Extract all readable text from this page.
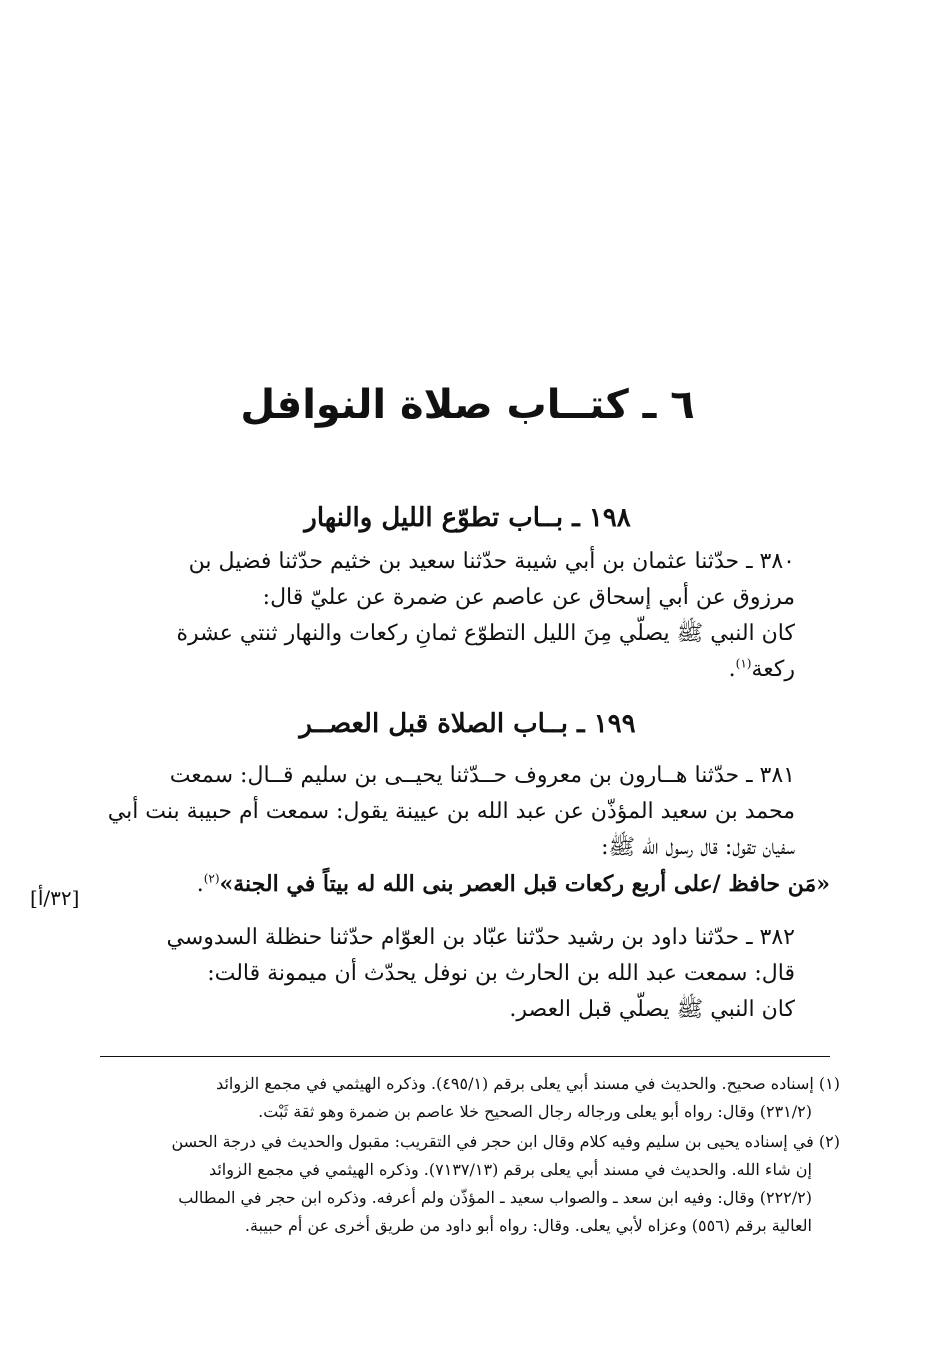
٦ ـ كتــاب صلاة النوافل
١٩٨ ـ بــاب تطوّع الليل والنهار
٣٨٠ ـ حدّثنا عثمان بن أبي شيبة حدّثنا سعيد بن خثيم حدّثنا فضيل بن
مرزوق عن أبي إسحاق عن عاصم عن ضمرة عن عليّ قال:
كان النبي ﷺ يصلّي مِنَ الليل التطوّع ثمانِ ركعات والنهار ثنتي عشرة
ركعة$^{(١)}$.
١٩٩ ـ بــاب الصلاة قبل العصــر
٣٨١ ـ حدّثنا هــارون بن معروف حــدّثنا يحيــى بن سليم قــال: سمعت
محمد بن سعيد المؤذّن عن عبد الله بن عيينة يقول: سمعت أم حبيبة بنت أبي
سفيان تقول: قال رسول الله ﷺ:
«مَن حافظ /على أربع ركعات قبل العصر بنى الله له بيتاً في الجنة»$^{(٢)}$.
[٣٢/أ]
٣٨٢ ـ حدّثنا داود بن رشيد حدّثنا عبّاد بن العوّام حدّثنا حنظلة السدوسي
قال: سمعت عبد الله بن الحارث بن نوفل يحدّث أن ميمونة قالت:
كان النبي ﷺ يصلّي قبل العصر.
(١) إسناده صحيح. والحديث في مسند أبي يعلى برقم (٤٩٥/١). وذكره الهيثمي في مجمع الزوائد
(٢٣١/٢) وقال: رواه أبو يعلى ورجاله رجال الصحيح خلا عاصم بن ضمرة وهو ثقة ثَبْت.
(٢) في إسناده يحيى بن سليم وفيه كلام وقال ابن حجر في التقريب: مقبول والحديث في درجة الحسن
إن شاء الله. والحديث في مسند أبي يعلى برقم (٧١٣٧/١٣). وذكره الهيثمي في مجمع الزوائد
(٢٢٢/٢) وقال: وفيه ابن سعد ـ والصواب سعيد ـ المؤذّن ولم أعرفه. وذكره ابن حجر في المطالب
العالية برقم (٥٥٦) وعزاه لأبي يعلى. وقال: رواه أبو داود من طريق أخرى عن أم حبيبة.
